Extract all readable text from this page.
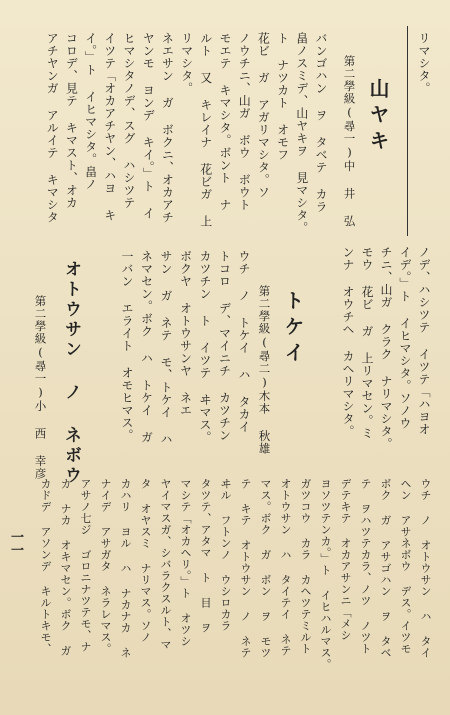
リマシタ。
山ヤキ
第二學級(尋一)中 井 弘
バンゴハン ヲ タベテ カラ
畠ノスミデ、山ヤキヲ 見マシタ。
ト ナツカト オモフ
花ビ ガ アガリマシタ。ソ
ノウチニ、山ガ ボウ ボウト
モエテ キマシタ。ボント ナ
ルト 又 キレイナ 花ビガ 上
リマシタ。
ネエサン ガ ボクニ、オカアチ
ヤンモ ヨンデ キイ。」ト イ
ヒマシタノデ、スグ ハシツテ
イツテ「オカアチヤン、ハヨ キ
イ。」ト イヒマシタ。畠ノ
コロデ、見テ キマスト、オカ
アチヤンガ アルイテ キマシタ
ノデ、ハシツテ イツテ「ハヨオ
イデ。」ト イヒマシタ。ソノウ
チニ、山ガ クラク ナリマシタ。
モウ 花ビ ガ 上リマセン。ミ
ンナ オウチヘ カヘリマシタ。
トケイ
第二學級(尋二)木本 秋雄
ウチ ノ トケイ ハ タカイ
トコロ デ、マイニチ カツチン
カツチン ト イツテ ヰマス。
ボクヤ オトウサンヤ ネエ
サン ガ ネテ モ、トケイ ハ
ネマセン。ボク ハ トケイ ガ
一バン エライト オモヒマス。
オトウサン ノ ネボウ
第二學級(尋一)小 西 幸彦
ウチ ノ オトウサン ハ タイ
ヘン アサネボウ デス。イツモ
ボク ガ アサゴハン ヲ タベ
テ ヲハツテカラ、ノツ ノツト
デテキテ オカアサンニ「メシ
ヨソツテンカ。」ト イヒハルマス。
ガツコウ カラ カヘツテミルト
オトウサン ハ タイテイ ネテ
マス。ボク ガ ボン ヲ モツ
テ キテ オトウサン ノ ネテ
ヰル フトンノ ウシロカラ
タツテ、アタマ ト 目 ヲ
マシテ「オカヘリ。」ト オツシ
ヤイマスガ、シバラクスルト、マ
タ オヤスミ ナリマス。ソノ
カハリ ヨル ハ ナカナカ ネ
ナイデ アサガタ ネラレマス。
アサノ七ジ ゴロニナツテモ、ナ
カ ナカ オキマセン。ボク ガ
カドデ アソンデ キルトキモ、
一一
